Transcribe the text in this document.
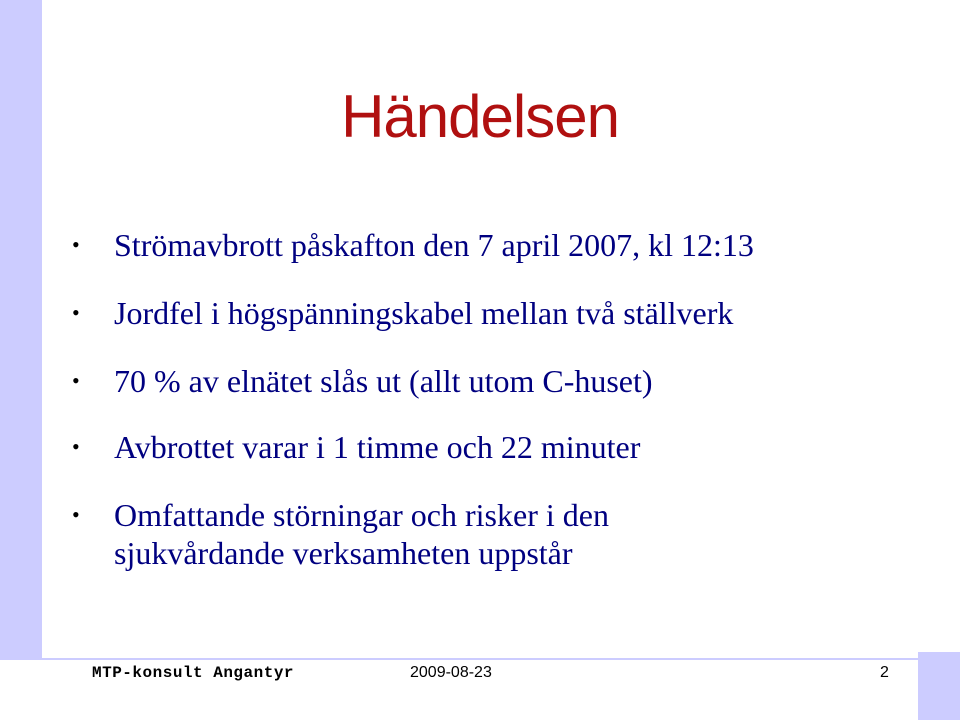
Händelsen
• Strömavbrott påskafton den 7 april 2007, kl 12:13
• Jordfel i högspänningskabel mellan två ställverk
• 70 % av elnätet slås ut (allt utom C-huset)
• Avbrottet varar i 1 timme och 22 minuter
• Omfattande störningar och risker i den sjukvårdande verksamheten uppstår
MTP-konsult Angantyr	2009-08-23	2
